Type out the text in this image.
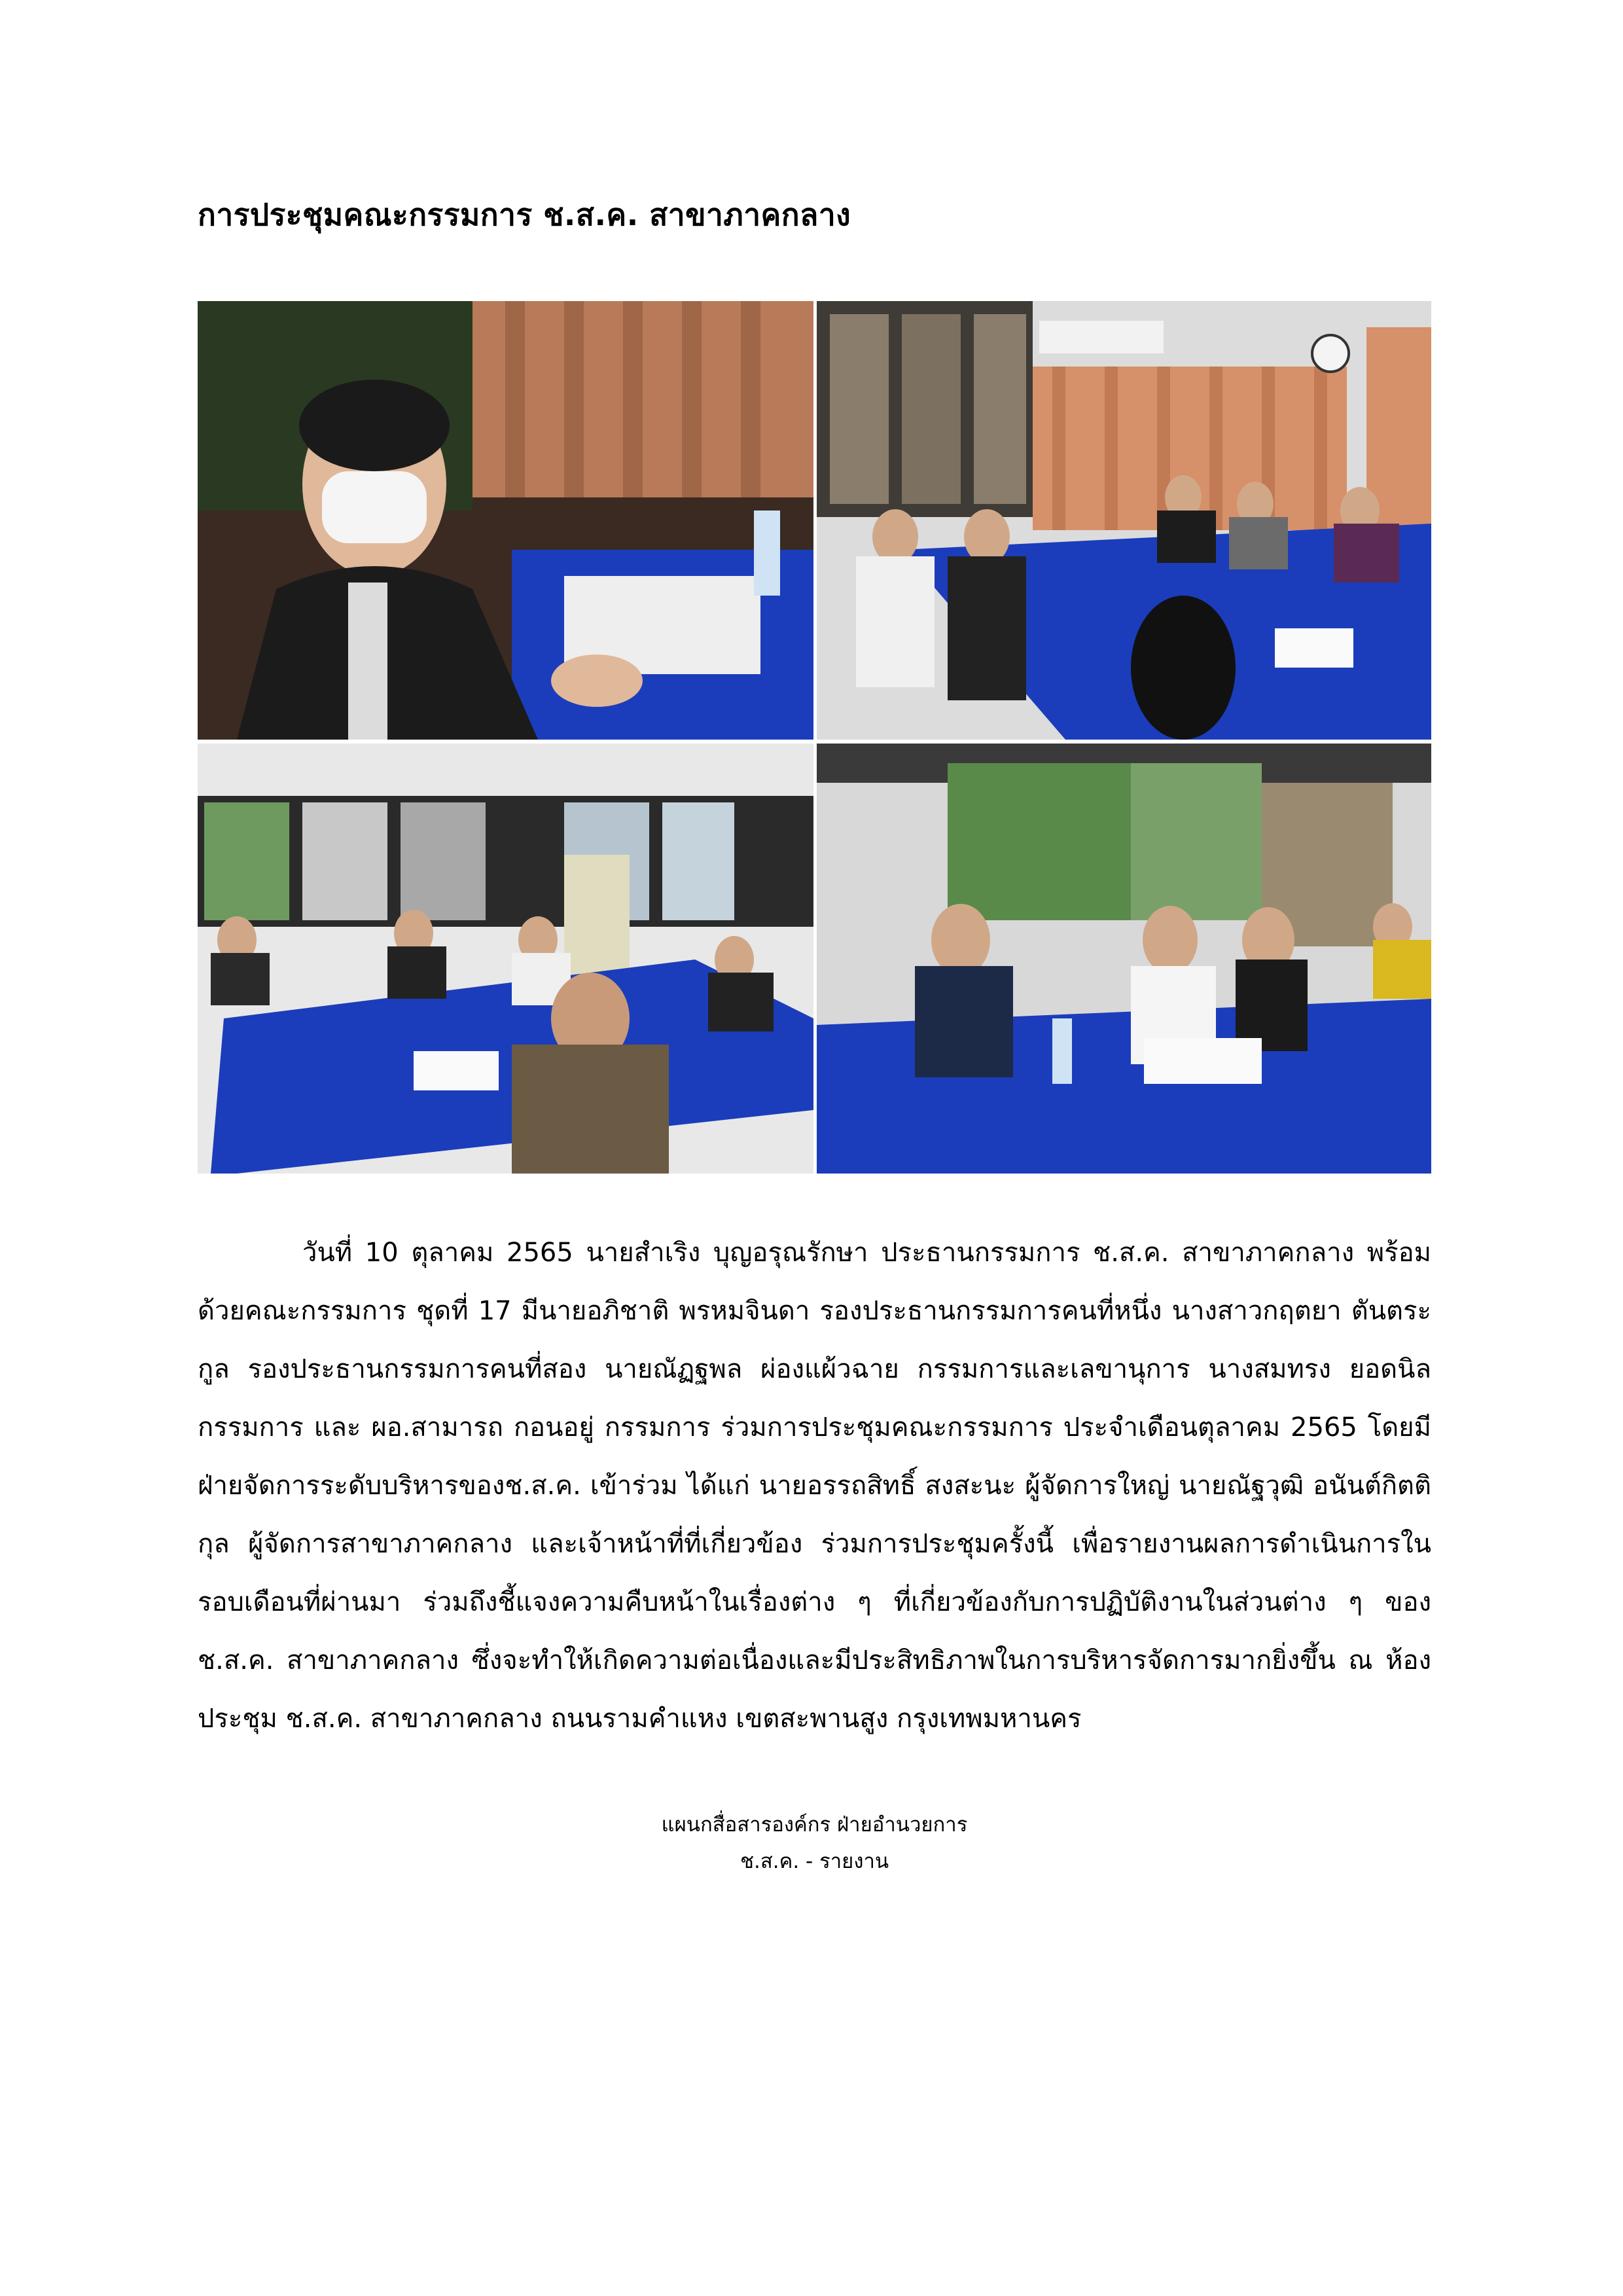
การประชุมคณะกรรมการ ช.ส.ค. สาขาภาคกลาง

วันที่ 10 ตุลาคม 2565 นายสำเริง บุญอรุณรักษา ประธานกรรมการ ช.ส.ค. สาขาภาคกลาง พร้อมด้วยคณะกรรมการ ชุดที่ 17 มีนายอภิชาติ พรหมจินดา รองประธานกรรมการคนที่หนึ่ง นางสาวกฤตยา ตันตระกูล รองประธานกรรมการคนที่สอง นายณัฏฐพล ผ่องแผ้วฉาย กรรมการและเลขานุการ นางสมทรง ยอดนิล กรรมการ และ ผอ.สามารถ กอนอยู่ กรรมการ ร่วมการประชุมคณะกรรมการ ประจำเดือนตุลาคม 2565 โดยมีฝ่ายจัดการระดับบริหารของช.ส.ค. เข้าร่วม ได้แก่ นายอรรถสิทธิ์ สงสะนะ ผู้จัดการใหญ่ นายณัฐวุฒิ อนันต์กิตติกุล ผู้จัดการสาขาภาคกลาง และเจ้าหน้าที่ที่เกี่ยวข้อง ร่วมการประชุมครั้งนี้ เพื่อรายงานผลการดำเนินการในรอบเดือนที่ผ่านมา ร่วมถึงชี้แจงความคืบหน้าในเรื่องต่าง ๆ ที่เกี่ยวข้องกับการปฏิบัติงานในส่วนต่าง ๆ ของ ช.ส.ค. สาขาภาคกลาง ซึ่งจะทำให้เกิดความต่อเนื่องและมีประสิทธิภาพในการบริหารจัดการมากยิ่งขึ้น ณ ห้องประชุม ช.ส.ค. สาขาภาคกลาง ถนนรามคำแหง เขตสะพานสูง กรุงเทพมหานคร

แผนกสื่อสารองค์กร ฝ่ายอำนวยการ
ช.ส.ค. - รายงาน
